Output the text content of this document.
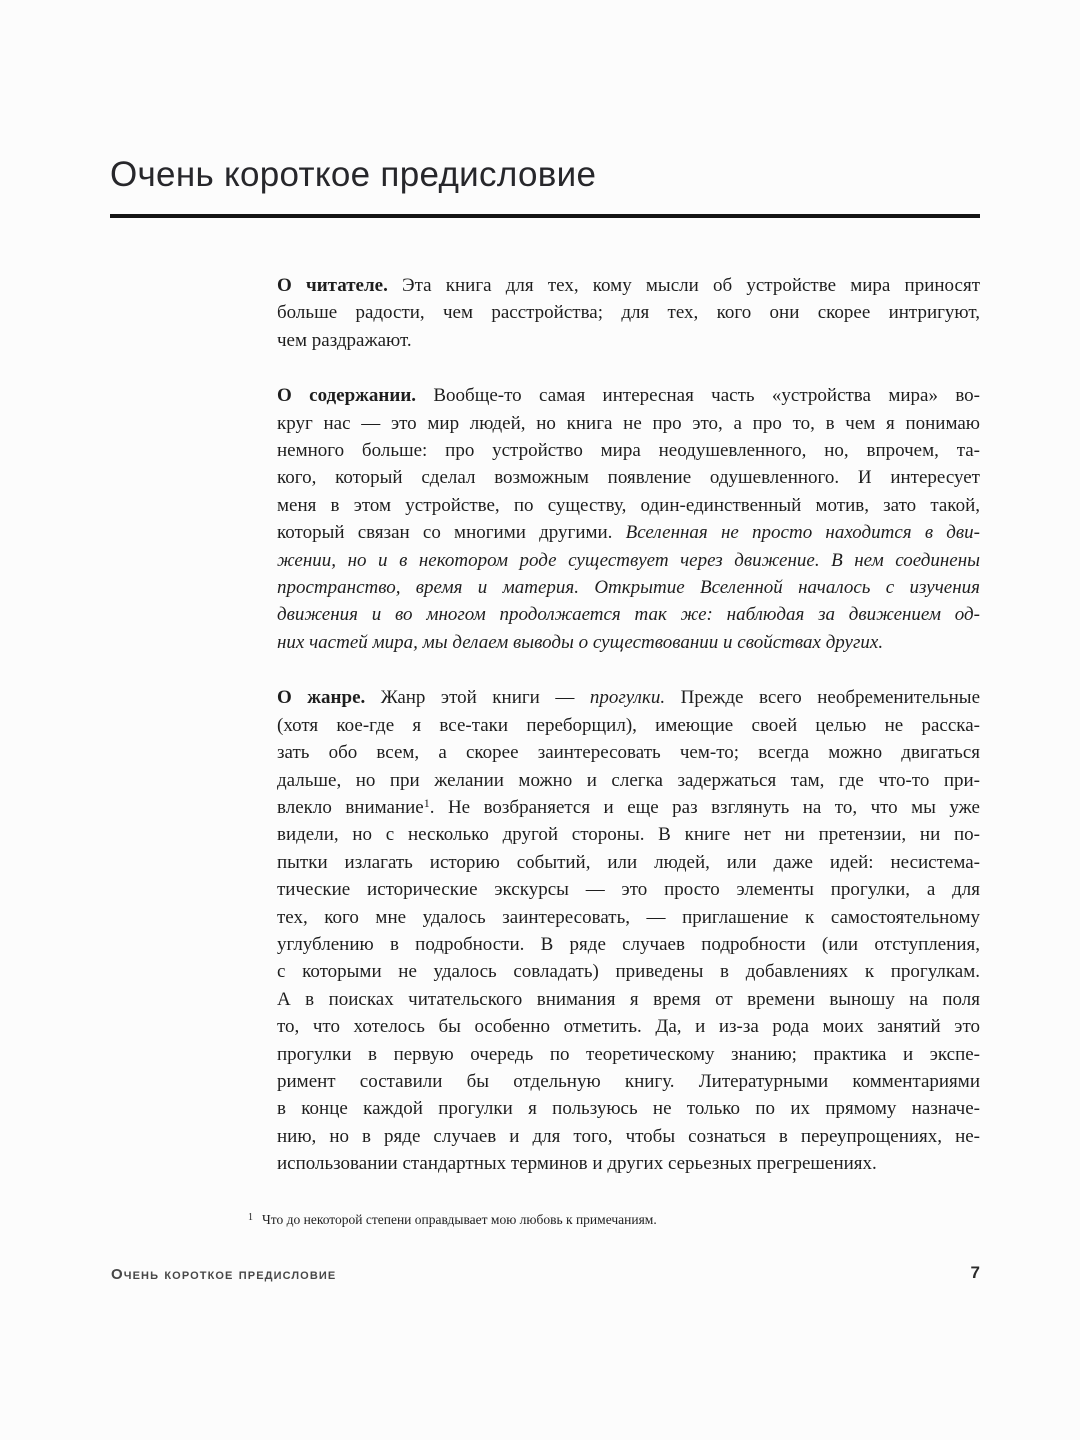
Очень короткое предисловие
О читателе. Эта книга для тех, кому мысли об устройстве мира приносят
больше радости, чем расстройства; для тех, кого они скорее интригуют,
чем раздражают.
О содержании. Вообще-то самая интересная часть «устройства мира» во-
круг нас — это мир людей, но книга не про это, а про то, в чем я понимаю
немного больше: про устройство мира неодушевленного, но, впрочем, та-
кого, который сделал возможным появление одушевленного. И интересует
меня в этом устройстве, по существу, один-единственный мотив, зато такой,
который связан со многими другими. Вселенная не просто находится в дви-
жении, но и в некотором роде существует через движение. В нем соединены
пространство, время и материя. Открытие Вселенной началось с изучения
движения и во многом продолжается так же: наблюдая за движением од-
них частей мира, мы делаем выводы о существовании и свойствах других.
О жанре. Жанр этой книги — прогулки. Прежде всего необременительные
(хотя кое-где я все-таки переборщил), имеющие своей целью не расска-
зать обо всем, а скорее заинтересовать чем-то; всегда можно двигаться
дальше, но при желании можно и слегка задержаться там, где что-то при-
влекло внимание$^1$. Не возбраняется и еще раз взглянуть на то, что мы уже
видели, но с несколько другой стороны. В книге нет ни претензии, ни по-
пытки излагать историю событий, или людей, или даже идей: несистема-
тические исторические экскурсы — это просто элементы прогулки, а для
тех, кого мне удалось заинтересовать, — приглашение к самостоятельному
углублению в подробности. В ряде случаев подробности (или отступления,
с которыми не удалось совладать) приведены в добавлениях к прогулкам.
А в поисках читательского внимания я время от времени выношу на поля
то, что хотелось бы особенно отметить. Да, и из-за рода моих занятий это
прогулки в первую очередь по теоретическому знанию; практика и экспе-
римент составили бы отдельную книгу. Литературными комментариями
в конце каждой прогулки я пользуюсь не только по их прямому назначе-
нию, но в ряде случаев и для того, чтобы сознаться в переупрощениях, не-
использовании стандартных терминов и других серьезных прегрешениях.
$^1$ Что до некоторой степени оправдывает мою любовь к примечаниям.
Очень короткое предисловие	7
